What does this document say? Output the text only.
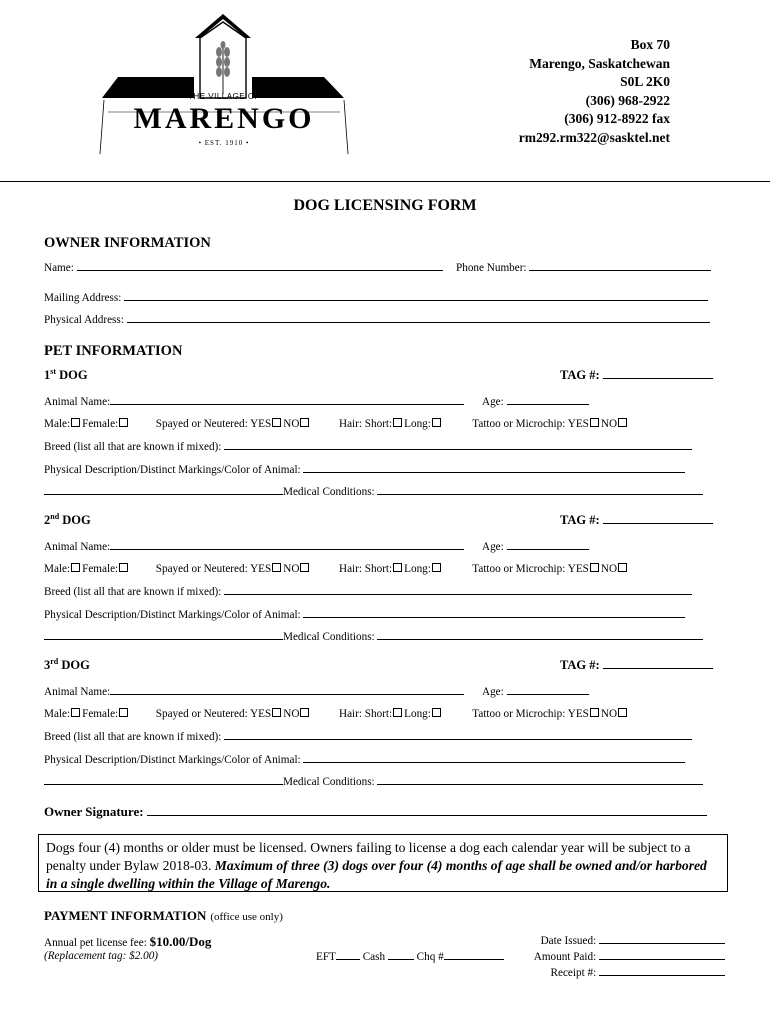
THE VILLAGE OF
MARENGO
• EST. 1910 •
Box 70
Marengo, Saskatchewan
S0L 2K0
(306) 968-2922
(306) 912-8922 fax
rm292.rm322@sasktel.net
DOG LICENSING FORM
OWNER INFORMATION
Name:	Phone Number:
Mailing Address:
Physical Address:
PET INFORMATION
1st DOG	TAG #:
Animal Name:	Age:
Male: Female:	Spayed or Neutered: YES NO	Hair: Short: Long:	Tattoo or Microchip: YES NO
Breed (list all that are known if mixed):
Physical Description/Distinct Markings/Color of Animal:
Medical Conditions:
2nd DOG	TAG #:
Animal Name:	Age:
Male: Female:	Spayed or Neutered: YES NO	Hair: Short: Long:	Tattoo or Microchip: YES NO
Breed (list all that are known if mixed):
Physical Description/Distinct Markings/Color of Animal:
Medical Conditions:
3rd DOG	TAG #:
Animal Name:	Age:
Male: Female:	Spayed or Neutered: YES NO	Hair: Short: Long:	Tattoo or Microchip: YES NO
Breed (list all that are known if mixed):
Physical Description/Distinct Markings/Color of Animal:
Medical Conditions:
Owner Signature:
Dogs four (4) months or older must be licensed. Owners failing to license a dog each calendar year will be subject to a penalty under Bylaw 2018-03. Maximum of three (3) dogs over four (4) months of age shall be owned and/or harbored in a single dwelling within the Village of Marengo.
PAYMENT INFORMATION (office use only)
Annual pet license fee: $10.00/Dog
(Replacement tag: $2.00)	EFT Cash	Chq #
Date Issued:
Amount Paid:
Receipt #:
